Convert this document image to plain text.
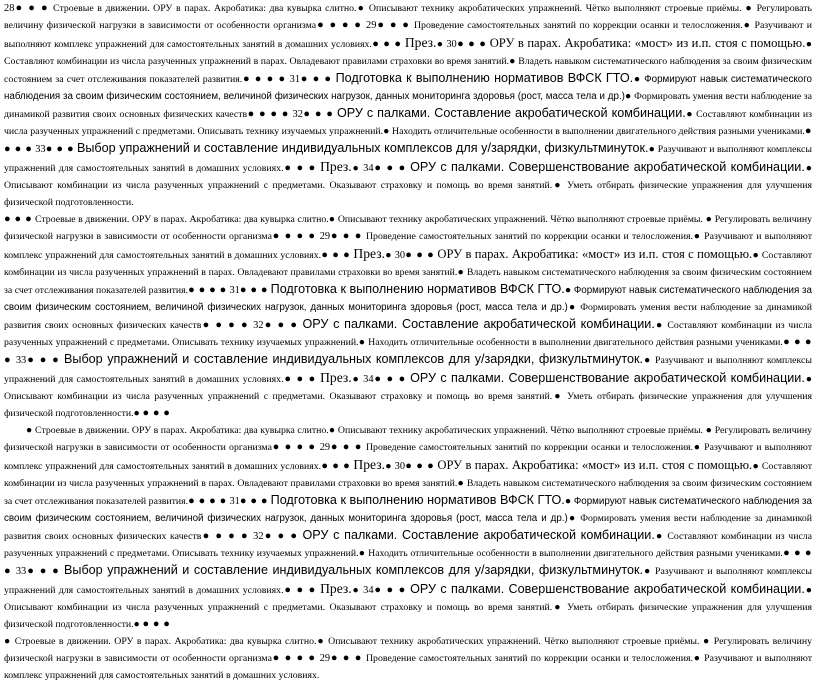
28● ● ● Строевые в движении. ОРУ в парах. Акробатика: два кувырка слитно.● Описывают технику акробатических упражнений. Чётко выполняют строевые приёмы. ● Регулировать величину физической нагрузки в зависимости от особенности организма● ● ● ● 29● ● ● Проведение самостоятельных занятий по коррекции осанки и телосложения.● Разучивают и выполняют комплекс упражнений для самостоятельных занятий в домашних условиях.● ● ● През.● 30● ● ● ОРУ в парах. Акробатика: «мост» из и.п. стоя с помощью.● Составляют комбинации из числа разученных упражнений в парах. Овладевают правилами страховки во время занятий.● Владеть навыком систематического наблюдения за своим физическим состоянием за счет отслеживания показателей развития.● ● ● ● 31● ● ● Подготовка к выполнению нормативов ВФСК ГТО.● Формируют навык систематического наблюдения за своим физическим состоянием, величиной физических нагрузок, данных мониторинга здоровья (рост, масса тела и др.)● Формировать умения вести наблюдение за динамикой развития своих основных физических качеств● ● ● ● 32● ● ● ОРУ с палками. Составление акробатической комбинации.● Составляют комбинации из числа разученных упражнений с предметами. Описывать технику изучаемых упражнений.● Находить отличительные особенности в выполнении двигательного действия разными учениками.● ● ● ● 33● ● ● Выбор упражнений и составление индивидуальных комплексов для у/зарядки, физкультминуток.● Разучивают и выполняют комплексы упражнений для самостоятельных занятий в домашних условиях.● ● ● През.● 34● ● ● ОРУ с палками. Совершенствование акробатической комбинации.● Описывают комбинации из числа разученных упражнений с предметами. Оказывают страховку и помощь во время занятий.● Уметь отбирать физические упражнения для улучшения физической подготовленности.

● ● ● Строевые в движении. ОРУ в парах. Акробатика: два кувырка слитно.● Описывают технику акробатических упражнений. Чётко выполняют строевые приёмы. ● Регулировать величину физической нагрузки в зависимости от особенности организма● ● ● ● 29● ● ● Проведение самостоятельных занятий по коррекции осанки и телосложения.● Разучивают и выполняют комплекс упражнений для самостоятельных занятий в домашних условиях.● ● ● През.● 30● ● ● ОРУ в парах. Акробатика: «мост» из и.п. стоя с помощью.● Составляют комбинации из числа разученных упражнений в парах. Овладевают правилами страховки во время занятий.● Владеть навыком систематического наблюдения за своим физическим состоянием за счет отслеживания показателей развития.● ● ● ● 31● ● ● Подготовка к выполнению нормативов ВФСК ГТО.● Формируют навык систематического наблюдения за своим физическим состоянием, величиной физических нагрузок, данных мониторинга здоровья (рост, масса тела и др.)● Формировать умения вести наблюдение за динамикой развития своих основных физических качеств● ● ● ● 32● ● ● ОРУ с палками. Составление акробатической комбинации.● Составляют комбинации из числа разученных упражнений с предметами. Описывать технику изучаемых упражнений.● Находить отличительные особенности в выполнении двигательного действия разными учениками.● ● ● ● 33● ● ● Выбор упражнений и составление индивидуальных комплексов для у/зарядки, физкультминуток.● Разучивают и выполняют комплексы упражнений для самостоятельных занятий в домашних условиях.● ● ● През.● 34● ● ● ОРУ с палками. Совершенствование акробатической комбинации.● Описывают комбинации из числа разученных упражнений с предметами. Оказывают страховку и помощь во время занятий.● Уметь отбирать физические упражнения для улучшения физической подготовленности.● ● ● ●

● Строевые в движении. ОРУ в парах. Акробатика: два кувырка слитно.● Описывают технику акробатических упражнений. Чётко выполняют строевые приёмы. ● Регулировать величину физической нагрузки в зависимости от особенности организма● ● ● ● 29● ● ● Проведение самостоятельных занятий по коррекции осанки и телосложения.● Разучивают и выполняют комплекс упражнений для самостоятельных занятий в домашних условиях.● ● ● През.● 30● ● ● ОРУ в парах. Акробатика: «мост» из и.п. стоя с помощью.● Составляют комбинации из числа разученных упражнений в парах. Овладевают правилами страховки во время занятий.● Владеть навыком систематического наблюдения за своим физическим состоянием за счет отслеживания показателей развития.● ● ● ● 31● ● ● Подготовка к выполнению нормативов ВФСК ГТО.● Формируют навык систематического наблюдения за своим физическим состоянием, величиной физических нагрузок, данных мониторинга здоровья (рост, масса тела и др.)● Формировать умения вести наблюдение за динамикой развития своих основных физических качеств● ● ● ● 32● ● ● ОРУ с палками. Составление акробатической комбинации.● Составляют комбинации из числа разученных упражнений с предметами. Описывать технику изучаемых упражнений.● Находить отличительные особенности в выполнении двигательного действия разными учениками.● ● ● ● 33● ● ● Выбор упражнений и составление индивидуальных комплексов для у/зарядки, физкультминуток.● Разучивают и выполняют комплексы упражнений для самостоятельных занятий в домашних условиях.● ● ● През.● 34● ● ● ОРУ с палками. Совершенствование акробатической комбинации.● Описывают комбинации из числа разученных упражнений с предметами. Оказывают страховку и помощь во время занятий.● Уметь отбирать физические упражнения для улучшения физической подготовленности.● ● ● ●

● Строевые в движении. ОРУ в парах. Акробатика: два кувырка слитно.● Описывают технику акробатических упражнений. Чётко выполняют строевые приёмы. ● Регулировать величину физической нагрузки в зависимости от особенности организма● ● ● ● 29● ● ● Проведение самостоятельных занятий по коррекции осанки и телосложения.● Разучивают и выполняют комплекс упражнений для самостоятельных занятий в домашних условиях.
